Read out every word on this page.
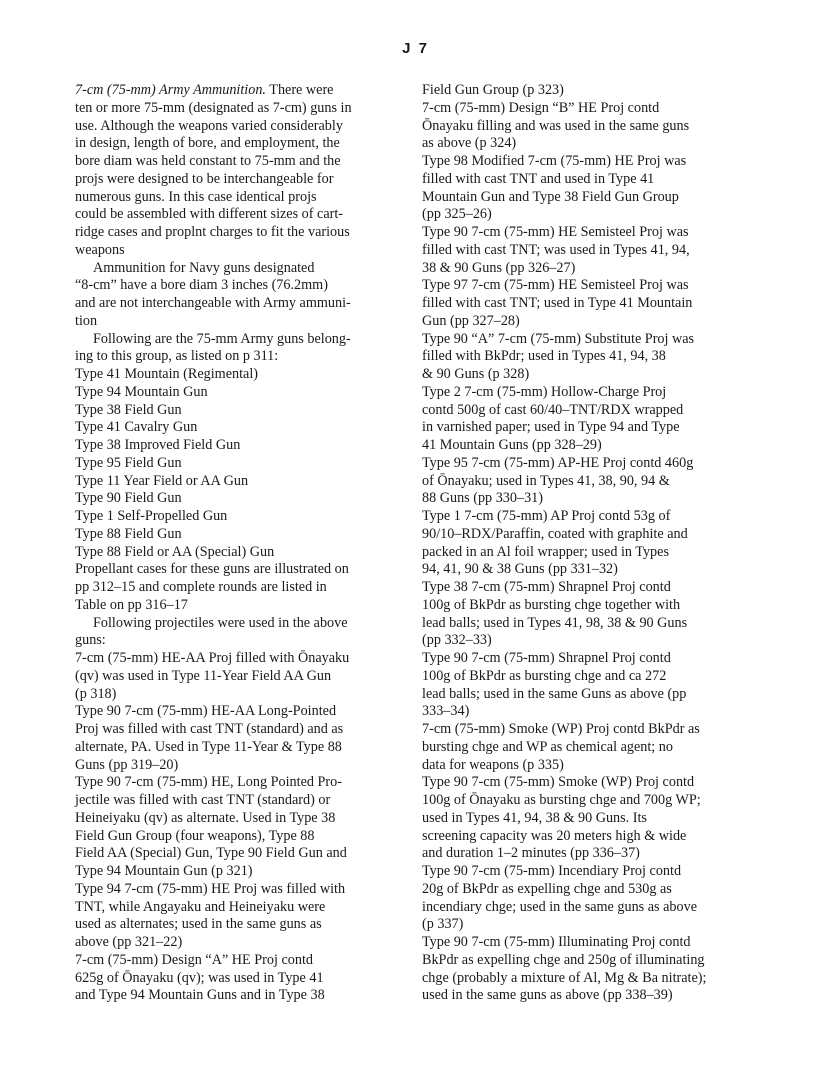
J 7
7-cm (75-mm) Army Ammunition. There were
ten or more 75-mm (designated as 7-cm) guns in
use. Although the weapons varied considerably
in design, length of bore, and employment, the
bore diam was held constant to 75-mm and the
projs were designed to be interchangeable for
numerous guns. In this case identical projs
could be assembled with different sizes of cart-
ridge cases and proplnt charges to fit the various
weapons
Ammunition for Navy guns designated
“8-cm” have a bore diam 3 inches (76.2mm)
and are not interchangeable with Army ammuni-
tion
Following are the 75-mm Army guns belong-
ing to this group, as listed on p 311:
Type 41 Mountain (Regimental)
Type 94 Mountain Gun
Type 38 Field Gun
Type 41 Cavalry Gun
Type 38 Improved Field Gun
Type 95 Field Gun
Type 11 Year Field or AA Gun
Type 90 Field Gun
Type 1 Self-Propelled Gun
Type 88 Field Gun
Type 88 Field or AA (Special) Gun
Propellant cases for these guns are illustrated on
pp 312–15 and complete rounds are listed in
Table on pp 316–17
Following projectiles were used in the above
guns:
7-cm (75-mm) HE-AA Proj filled with Ōnayaku
(qv) was used in Type 11-Year Field AA Gun
(p 318)
Type 90 7-cm (75-mm) HE-AA Long-Pointed
Proj was filled with cast TNT (standard) and as
alternate, PA. Used in Type 11-Year & Type 88
Guns (pp 319–20)
Type 90 7-cm (75-mm) HE, Long Pointed Pro-
jectile was filled with cast TNT (standard) or
Heineiyaku (qv) as alternate. Used in Type 38
Field Gun Group (four weapons), Type 88
Field AA (Special) Gun, Type 90 Field Gun and
Type 94 Mountain Gun (p 321)
Type 94 7-cm (75-mm) HE Proj was filled with
TNT, while Angayaku and Heineiyaku were
used as alternates; used in the same guns as
above (pp 321–22)
7-cm (75-mm) Design “A” HE Proj contd
625g of Ōnayaku (qv); was used in Type 41
and Type 94 Mountain Guns and in Type 38
Field Gun Group (p 323)
7-cm (75-mm) Design “B” HE Proj contd
Ōnayaku filling and was used in the same guns
as above (p 324)
Type 98 Modified 7-cm (75-mm) HE Proj was
filled with cast TNT and used in Type 41
Mountain Gun and Type 38 Field Gun Group
(pp 325–26)
Type 90 7-cm (75-mm) HE Semisteel Proj was
filled with cast TNT; was used in Types 41, 94,
38 & 90 Guns (pp 326–27)
Type 97 7-cm (75-mm) HE Semisteel Proj was
filled with cast TNT; used in Type 41 Mountain
Gun (pp 327–28)
Type 90 “A” 7-cm (75-mm) Substitute Proj was
filled with BkPdr; used in Types 41, 94, 38
& 90 Guns (p 328)
Type 2 7-cm (75-mm) Hollow-Charge Proj
contd 500g of cast 60/40–TNT/RDX wrapped
in varnished paper; used in Type 94 and Type
41 Mountain Guns (pp 328–29)
Type 95 7-cm (75-mm) AP-HE Proj contd 460g
of Ōnayaku; used in Types 41, 38, 90, 94 &
88 Guns (pp 330–31)
Type 1 7-cm (75-mm) AP Proj contd 53g of
90/10–RDX/Paraffin, coated with graphite and
packed in an Al foil wrapper; used in Types
94, 41, 90 & 38 Guns (pp 331–32)
Type 38 7-cm (75-mm) Shrapnel Proj contd
100g of BkPdr as bursting chge together with
lead balls; used in Types 41, 98, 38 & 90 Guns
(pp 332–33)
Type 90 7-cm (75-mm) Shrapnel Proj contd
100g of BkPdr as bursting chge and ca 272
lead balls; used in the same Guns as above (pp
333–34)
7-cm (75-mm) Smoke (WP) Proj contd BkPdr as
bursting chge and WP as chemical agent; no
data for weapons (p 335)
Type 90 7-cm (75-mm) Smoke (WP) Proj contd
100g of Ōnayaku as bursting chge and 700g WP;
used in Types 41, 94, 38 & 90 Guns. Its
screening capacity was 20 meters high & wide
and duration 1–2 minutes (pp 336–37)
Type 90 7-cm (75-mm) Incendiary Proj contd
20g of BkPdr as expelling chge and 530g as
incendiary chge; used in the same guns as above
(p 337)
Type 90 7-cm (75-mm) Illuminating Proj contd
BkPdr as expelling chge and 250g of illuminating
chge (probably a mixture of Al, Mg & Ba nitrate);
used in the same guns as above (pp 338–39)
